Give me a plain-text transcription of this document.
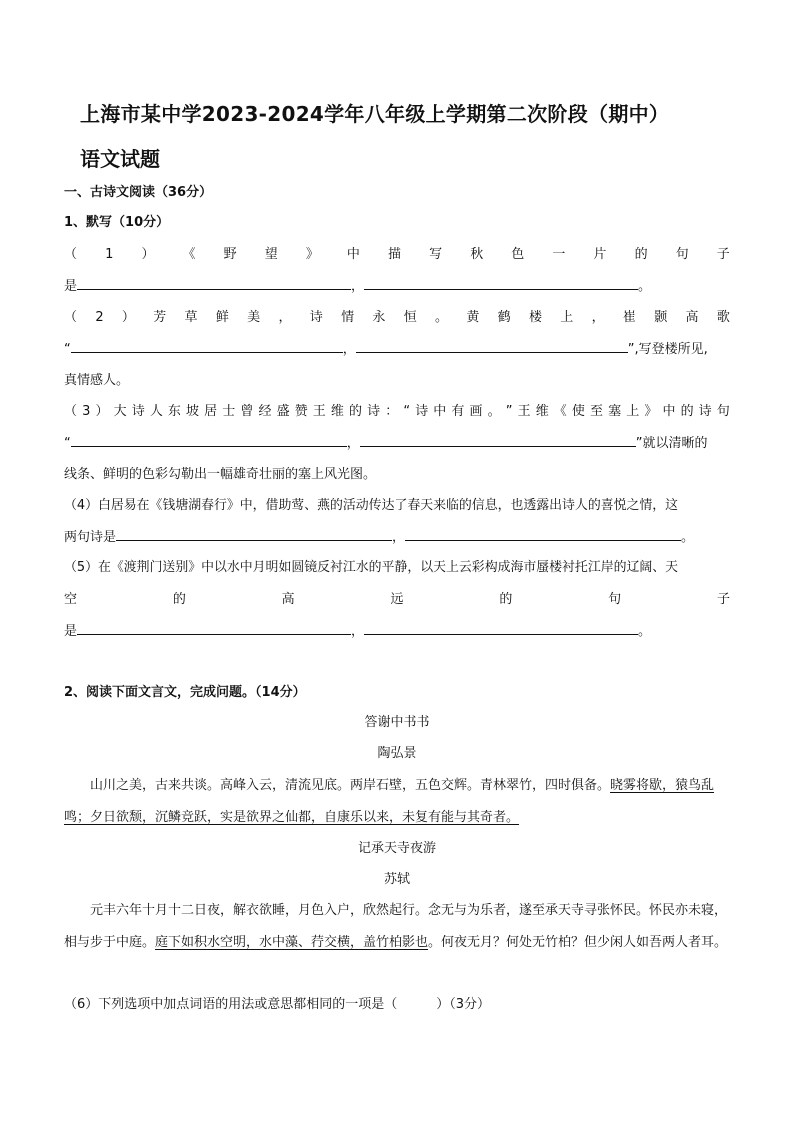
上海市某中学2023-2024学年八年级上学期第二次阶段（期中）
语文试题
一、古诗文阅读（36分）
1、默写（10分）
（ 1 ） 《 野 望 》 中 描 写 秋 色 一 片 的 句 子
是	，	。
（ 2 ） 芳 草 鲜 美 ， 诗 情 永 恒 。 黄 鹤 楼 上 ， 崔 颢 高 歌
“	，	”,写登楼所见,
真情感人。
（ 3 ） 大 诗 人 东 坡 居 士 曾 经 盛 赞 王 维 的 诗 ： “ 诗 中 有 画 。 ” 王 维 《 使 至 塞 上 》 中 的 诗 句
“	，	”就以清晰的
线条、鲜明的色彩勾勒出一幅雄奇壮丽的塞上风光图。
（4）白居易在《钱塘湖春行》中，借助莺、燕的活动传达了春天来临的信息，也透露出诗人的喜悦之情，这
两句诗是	，	。
（5）在《渡荆门送别》中以水中月明如圆镜反衬江水的平静，以天上云彩构成海市蜃楼衬托江岸的辽阔、天
空	的	高	远	的	句	子
是	，	。
2、阅读下面文言文，完成问题。（14分）
答谢中书书
陶弘景
山川之美，古来共谈。高峰入云，清流见底。两岸石壁，五色交辉。青林翠竹，四时俱备。晓雾将歇，猿鸟乱鸣；夕日欲颓，沉鳞竞跃，实是欲界之仙都，自康乐以来，未复有能与其奇者。
记承天寺夜游
苏轼
元丰六年十月十二日夜，解衣欲睡，月色入户，欣然起行。念无与为乐者，遂至承天寺寻张怀民。怀民亦未寝，相与步于中庭。庭下如积水空明，水中藻、荇交横，盖竹柏影也。何夜无月？何处无竹柏？但少闲人如吾两人者耳。
（6）下列选项中加点词语的用法或意思都相同的一项是（　　　）（3分）
